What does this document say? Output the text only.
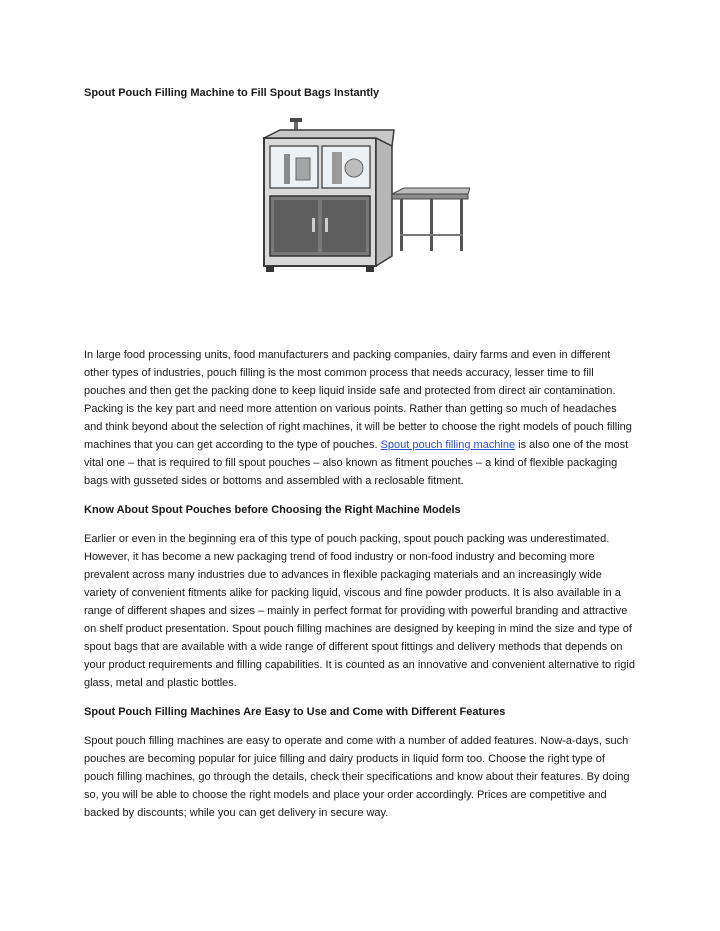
Spout Pouch Filling Machine to Fill Spout Bags Instantly

In large food processing units, food manufacturers and packing companies, dairy farms and even in different other types of industries, pouch filling is the most common process that needs accuracy, lesser time to fill pouches and then get the packing done to keep liquid inside safe and protected from direct air contamination. Packing is the key part and need more attention on various points. Rather than getting so much of headaches and think beyond about the selection of right machines, it will be better to choose the right models of pouch filling machines that you can get according to the type of pouches. Spout pouch filling machine is also one of the most vital one – that is required to fill spout pouches – also known as fitment pouches – a kind of flexible packaging bags with gusseted sides or bottoms and assembled with a reclosable fitment.

Know About Spout Pouches before Choosing the Right Machine Models

Earlier or even in the beginning era of this type of pouch packing, spout pouch packing was underestimated. However, it has become a new packaging trend of food industry or non-food industry and becoming more prevalent across many industries due to advances in flexible packaging materials and an increasingly wide variety of convenient fitments alike for packing liquid, viscous and fine powder products. It is also available in a range of different shapes and sizes – mainly in perfect format for providing with powerful branding and attractive on shelf product presentation. Spout pouch filling machines are designed by keeping in mind the size and type of spout bags that are available with a wide range of different spout fittings and delivery methods that depends on your product requirements and filling capabilities. It is counted as an innovative and convenient alternative to rigid glass, metal and plastic bottles.

Spout Pouch Filling Machines Are Easy to Use and Come with Different Features

Spout pouch filling machines are easy to operate and come with a number of added features. Now-a-days, such pouches are becoming popular for juice filling and dairy products in liquid form too. Choose the right type of pouch filling machines, go through the details, check their specifications and know about their features. By doing so, you will be able to choose the right models and place your order accordingly. Prices are competitive and backed by discounts; while you can get delivery in secure way.
